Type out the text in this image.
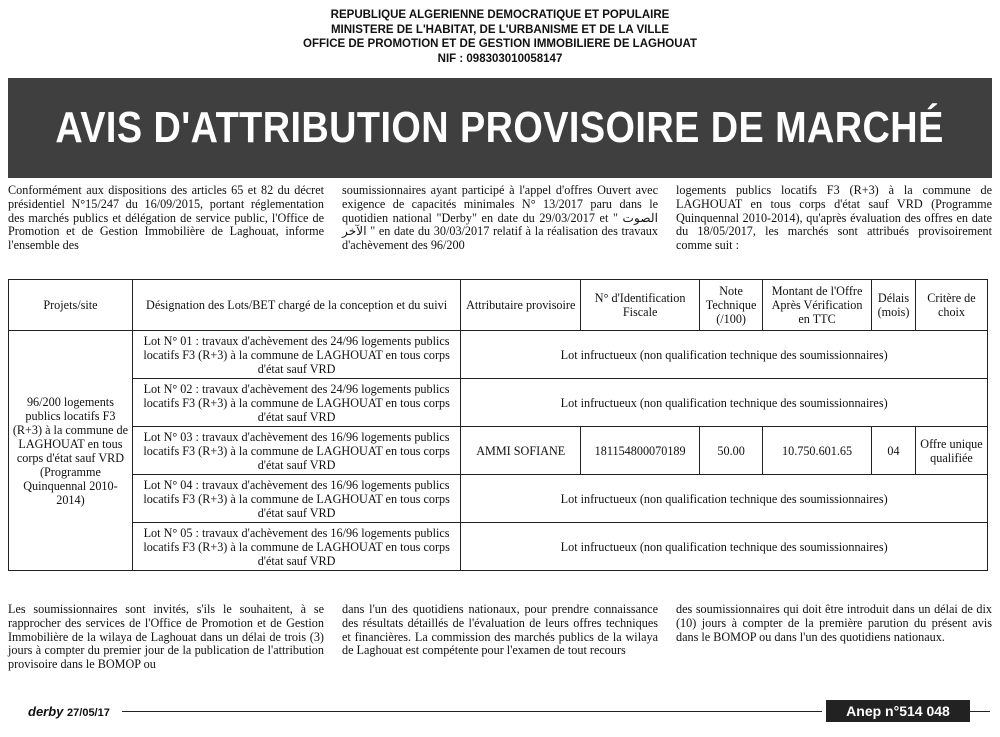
REPUBLIQUE ALGERIENNE DEMOCRATIQUE ET POPULAIRE
MINISTERE DE L'HABITAT, DE L'URBANISME ET DE LA VILLE
OFFICE DE PROMOTION ET DE GESTION IMMOBILIERE DE LAGHOUAT
NIF : 098303010058147
AVIS D'ATTRIBUTION PROVISOIRE DE MARCHÉ
Conformément aux dispositions des articles 65 et 82 du décret présidentiel N°15/247 du 16/09/2015, portant réglementation des marchés publics et délégation de service public, l'Office de Promotion et de Gestion Immobilière de Laghouat, informe l'ensemble des
soumissionnaires ayant participé à l'appel d'offres Ouvert avec exigence de capacités minimales N° 13/2017 paru dans le quotidien national "Derby" en date du 29/03/2017 et " الصوت الآخر " en date du 30/03/2017 relatif à la réalisation des travaux d'achèvement des 96/200
logements publics locatifs F3 (R+3) à la commune de LAGHOUAT en tous corps d'état sauf VRD (Programme Quinquennal 2010-2014), qu'après évaluation des offres en date du 18/05/2017, les marchés sont attribués provisoirement comme suit :
Projets/site	Désignation des Lots/BET chargé de la conception et du suivi	Attributaire provisoire	N° d'Identification Fiscale	Note Technique (/100)	Montant de l'Offre Après Vérification en TTC	Délais (mois)	Critère de choix
96/200 logements publics locatifs F3 (R+3) à la commune de LAGHOUAT en tous corps d'état sauf VRD (Programme Quinquennal 2010-2014)	Lot N° 01 : travaux d'achèvement des 24/96 logements publics locatifs F3 (R+3) à la commune de LAGHOUAT en tous corps d'état sauf VRD	Lot infructueux (non qualification technique des soumissionnaires)					
	Lot N° 02 : travaux d'achèvement des 24/96 logements publics locatifs F3 (R+3) à la commune de LAGHOUAT en tous corps d'état sauf VRD	Lot infructueux (non qualification technique des soumissionnaires)					
	Lot N° 03 : travaux d'achèvement des 16/96 logements publics locatifs F3 (R+3) à la commune de LAGHOUAT en tous corps d'état sauf VRD	AMMI SOFIANE	181154800070189	50.00	10.750.601.65	04	Offre unique qualifiée
	Lot N° 04 : travaux d'achèvement des 16/96 logements publics locatifs F3 (R+3) à la commune de LAGHOUAT en tous corps d'état sauf VRD	Lot infructueux (non qualification technique des soumissionnaires)					
	Lot N° 05 : travaux d'achèvement des 16/96 logements publics locatifs F3 (R+3) à la commune de LAGHOUAT en tous corps d'état sauf VRD	Lot infructueux (non qualification technique des soumissionnaires)					
Les soumissionnaires sont invités, s'ils le souhaitent, à se rapprocher des services de l'Office de Promotion et de Gestion Immobilière de la wilaya de Laghouat dans un délai de trois (3) jours à compter du premier jour de la publication de l'attribution provisoire dans le BOMOP ou
dans l'un des quotidiens nationaux, pour prendre connaissance des résultats détaillés de l'évaluation de leurs offres techniques et financières. La commission des marchés publics de la wilaya de Laghouat est compétente pour l'examen de tout recours
des soumissionnaires qui doit être introduit dans un délai de dix (10) jours à compter de la première parution du présent avis dans le BOMOP ou dans l'un des quotidiens nationaux.
derby 27/05/17	Anep n°514 048
